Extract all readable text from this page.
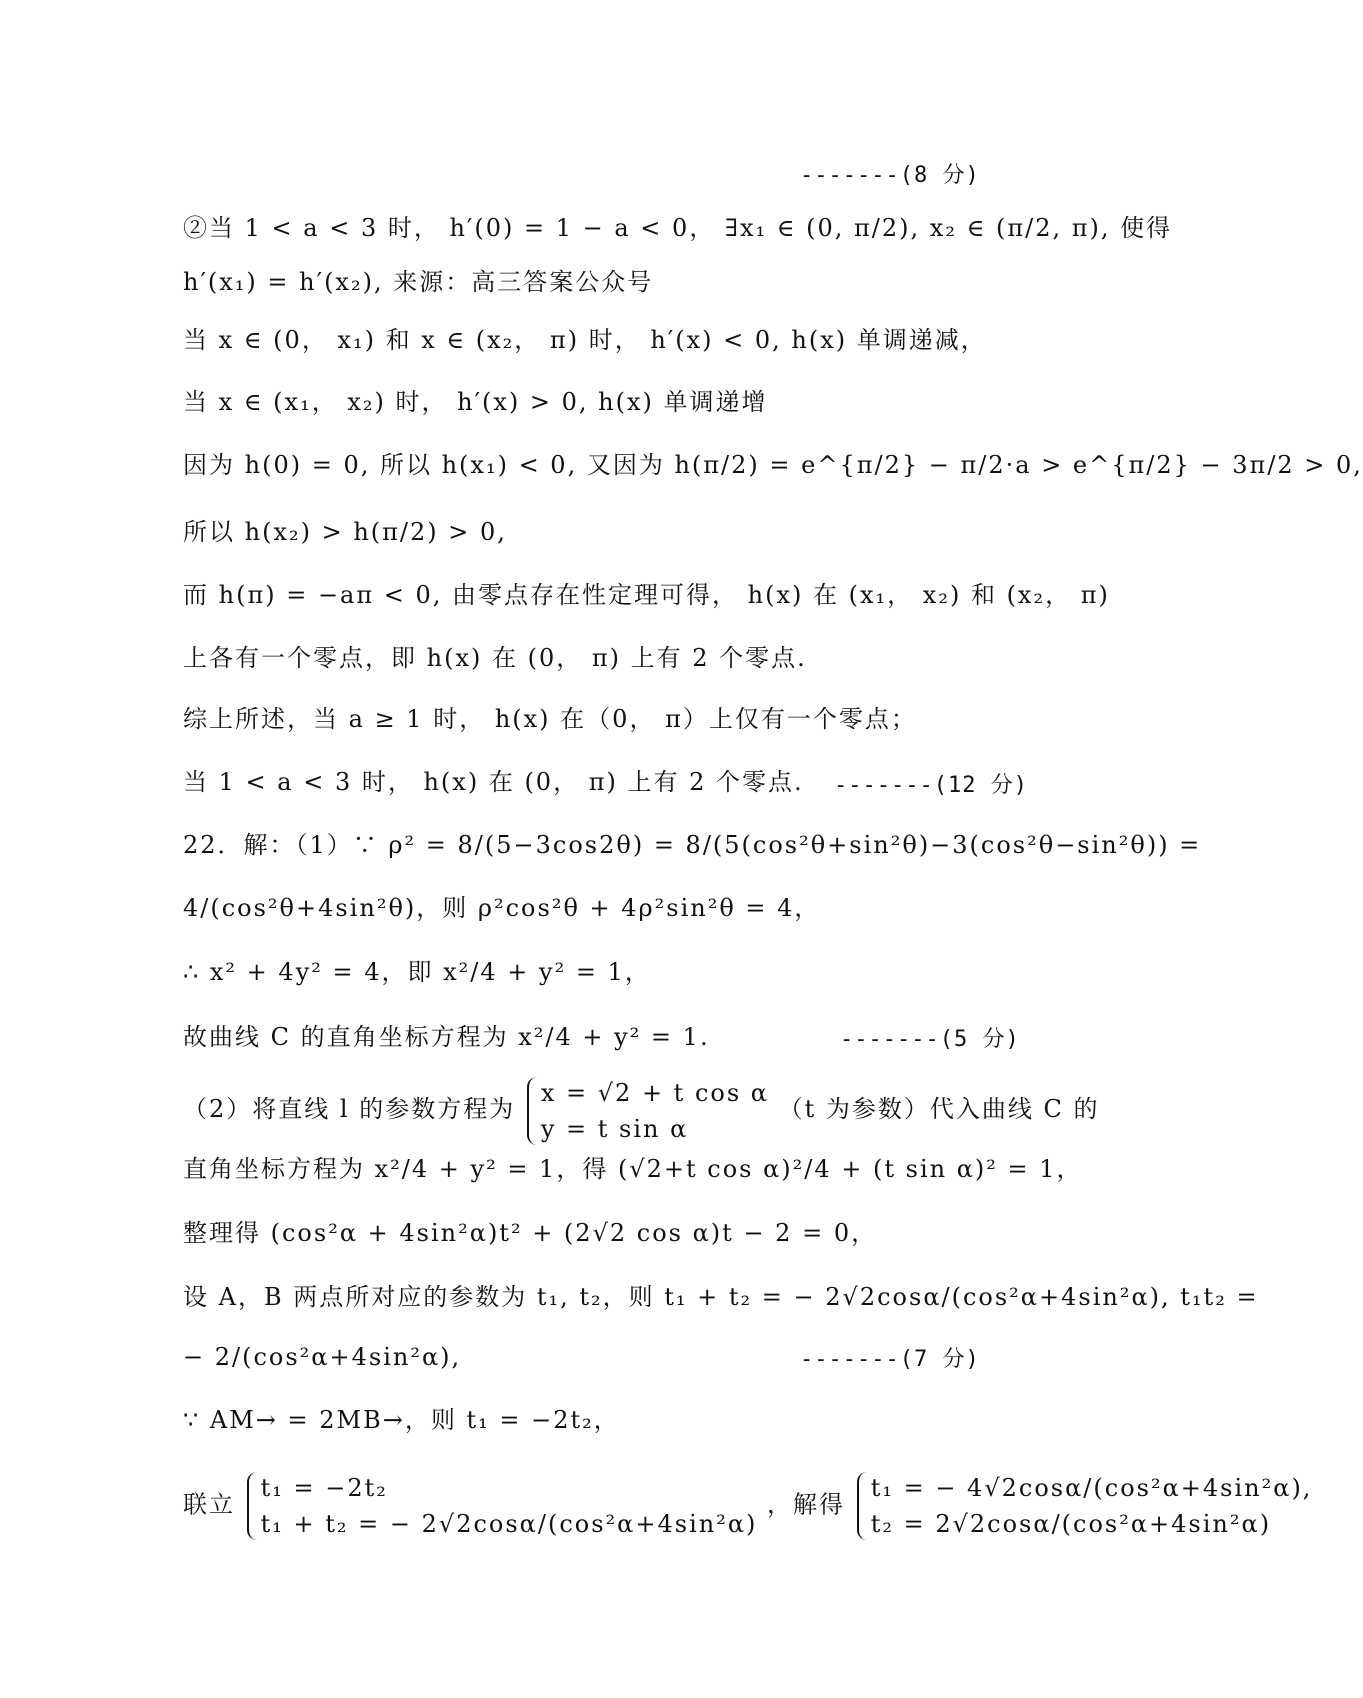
-------(8 分)
②当 1 < a < 3 时， h′(0) = 1 − a < 0， ∃x₁ ∈ (0, π/2), x₂ ∈ (π/2, π), 使得
h′(x₁) = h′(x₂), 来源：高三答案公众号
当 x ∈ (0， x₁) 和 x ∈ (x₂， π) 时， h′(x) < 0, h(x) 单调递减，
当 x ∈ (x₁， x₂) 时， h′(x) > 0, h(x) 单调递增
因为 h(0) = 0, 所以 h(x₁) < 0, 又因为 h(π/2) = e^{π/2} − π/2·a > e^{π/2} − 3π/2 > 0,
所以 h(x₂) > h(π/2) > 0,
而 h(π) = −aπ < 0, 由零点存在性定理可得， h(x) 在 (x₁， x₂) 和 (x₂， π)
上各有一个零点，即 h(x) 在 (0， π) 上有 2 个零点.
综上所述，当 a ≥ 1 时， h(x) 在（0， π）上仅有一个零点；
当 1 < a < 3 时， h(x) 在 (0， π) 上有 2 个零点. -------(12 分)
22．解：（1）∵ ρ² = 8/(5−3cos2θ) = 8/(5(cos²θ+sin²θ)−3(cos²θ−sin²θ)) =
4/(cos²θ+4sin²θ)，则 ρ²cos²θ + 4ρ²sin²θ = 4，
∴ x² + 4y² = 4，即 x²/4 + y² = 1，
故曲线 C 的直角坐标方程为 x²/4 + y² = 1.	-------(5 分)
（2）将直线 l 的参数方程为
x = √2 + t cos α
y = t sin α
（t 为参数）代入曲线 C 的
直角坐标方程为 x²/4 + y² = 1，得 (√2+t cos α)²/4 + (t sin α)² = 1，
整理得 (cos²α + 4sin²α)t² + (2√2 cos α)t − 2 = 0，
设 A，B 两点所对应的参数为 t₁, t₂，则 t₁ + t₂ = − 2√2cosα/(cos²α+4sin²α), t₁t₂ =
− 2/(cos²α+4sin²α),	-------(7 分)
∵ AM→ = 2MB→，则 t₁ = −2t₂，
联立
t₁ = −2t₂
t₁ + t₂ = − 2√2cosα/(cos²α+4sin²α)
，解得
t₁ = − 4√2cosα/(cos²α+4sin²α),
t₂ = 2√2cosα/(cos²α+4sin²α)
